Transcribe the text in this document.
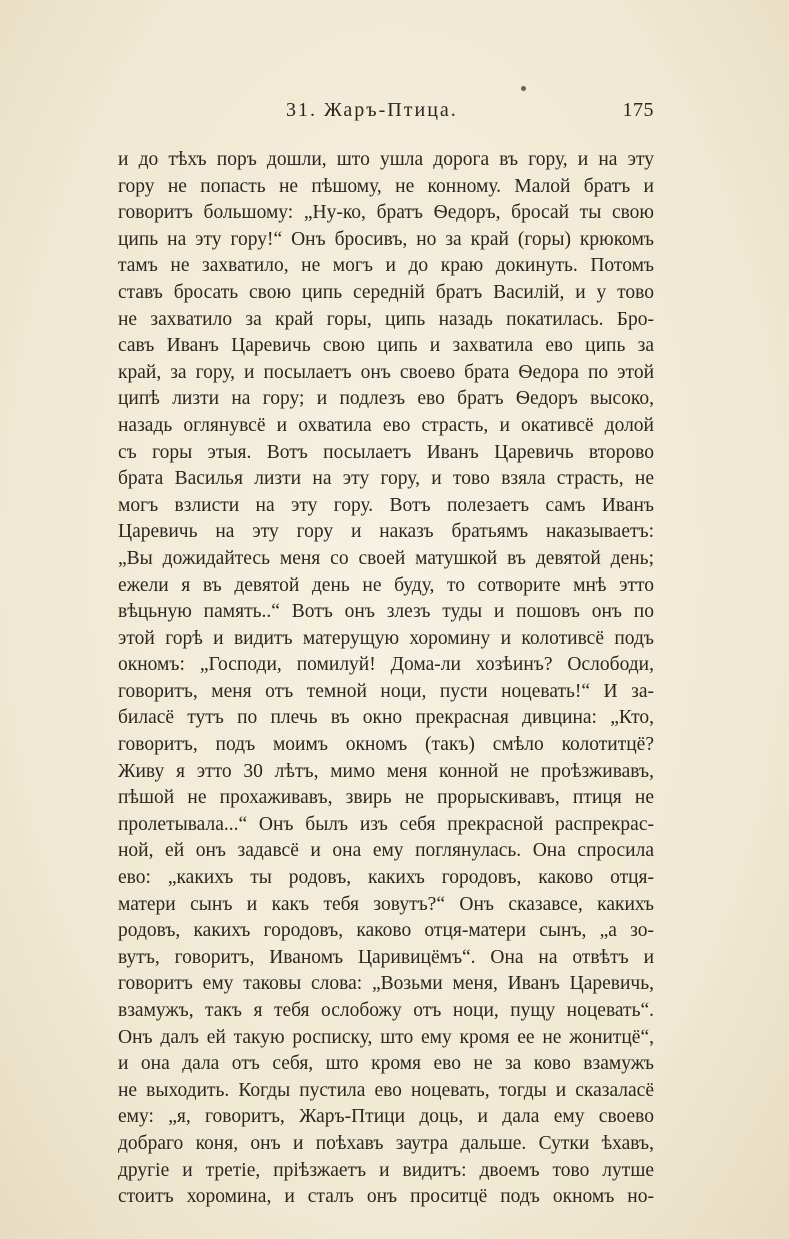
31. Жаръ-Птица.	175
и до тѣхъ поръ дошли, што ушла дорога въ гору, и на эту
гору не попасть не пѣшому, не конному. Малой братъ и
говоритъ большому: „Ну-ко, братъ Ѳедоръ, бросай ты свою
ципь на эту гору!“ Онъ бросивъ, но за край (горы) крюкомъ
тамъ не захватило, не могъ и до краю докинуть. Потомъ
ставъ бросать свою ципь середнiй братъ Василiй, и у тово
не захватило за край горы, ципь назадь покатилась. Бро-
савъ Иванъ Царевичь свою ципь и захватила ево ципь за
край, за гору, и посылаетъ онъ своево брата Ѳедора по этой
ципѣ лизти на гору; и подлезъ ево братъ Ѳедоръ высоко,
назадь оглянувсё и охватила ево страсть, и окативсё долой
съ горы этыя. Вотъ посылаетъ Иванъ Царевичь второво
брата Василья лизти на эту гору, и тово взяла страсть, не
могъ взлисти на эту гору. Вотъ полезаетъ самъ Иванъ
Царевичь на эту гору и наказъ братьямъ наказываетъ:
„Вы дожидайтесь меня со своей матушкой въ девятой день;
ежели я въ девятой день не буду, то сотворите мнѣ этто
вѣцьную память..“ Вотъ онъ злезъ туды и пошовъ онъ по
этой горѣ и видитъ матерущую хоромину и колотивсё подъ
окномъ: „Господи, помилуй! Дома-ли хозѣинъ? Ослободи,
говоритъ, меня отъ темной ноци, пусти ноцевать!“ И за-
биласё тутъ по плечь въ окно прекрасная дивцина: „Кто,
говоритъ, подъ моимъ окномъ (такъ) смѣло колотитцё?
Живу я этто 30 лѣтъ, мимо меня конной не проѣзживавъ,
пѣшой не прохаживавъ, звирь не прорыскивавъ, птиця не
пролетывала...“ Онъ былъ изъ себя прекрасной распрекрас-
ной, ей онъ задавсё и она ему поглянулась. Она спросила
ево: „какихъ ты родовъ, какихъ городовъ, каково отця-
матери сынъ и какъ тебя зовутъ?“ Онъ сказавсе, какихъ
родовъ, какихъ городовъ, каково отця-матери сынъ, „а зо-
вутъ, говоритъ, Иваномъ Царивицёмъ“. Она на отвѣтъ и
говоритъ ему таковы слова: „Возьми меня, Иванъ Царевичь,
взамужъ, такъ я тебя ослобожу отъ ноци, пущу ноцевать“.
Онъ далъ ей такую росписку, што ему кромя ее не жонитцё“,
и она дала отъ себя, што кромя ево не за ково взамужъ
не выходить. Когды пустила ево ноцевать, тогды и сказаласё
ему: „я, говоритъ, Жаръ-Птици доць, и дала ему своево
добраго коня, онъ и поѣхавъ заутра дальше. Сутки ѣхавъ,
другiе и третiе, прiѣзжаетъ и видитъ: двоемъ тово лутше
стоитъ хоромина, и сталъ онъ проситцё подъ окномъ но-
